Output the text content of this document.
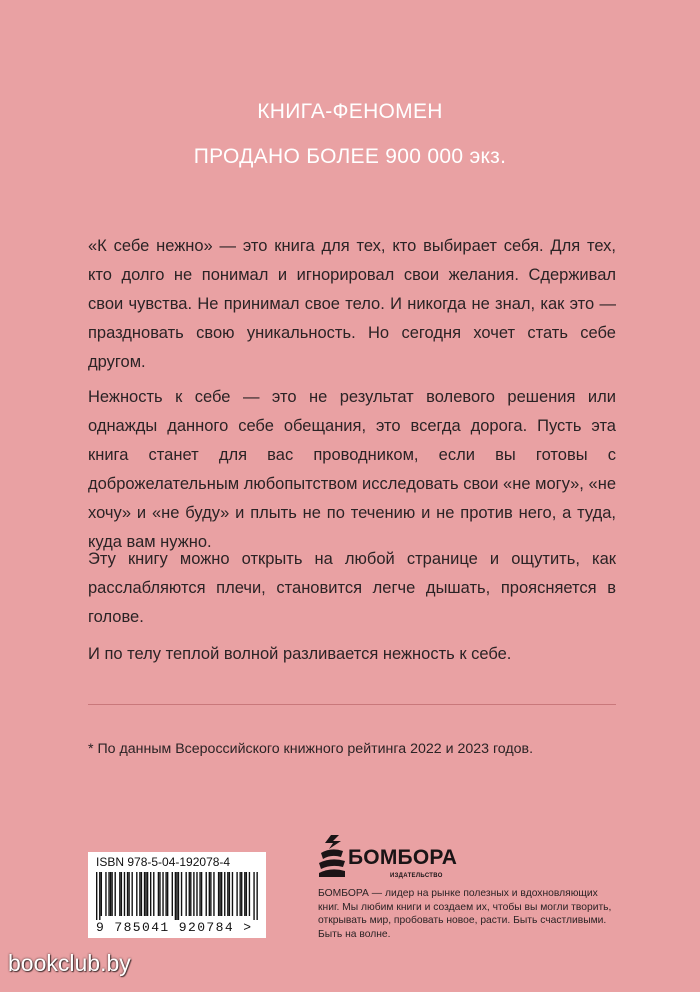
КНИГА-ФЕНОМЕН
ПРОДАНО БОЛЕЕ 900 000 экз.
«К себе нежно» — это книга для тех, кто выбирает себя. Для тех, кто долго не понимал и игнорировал свои желания. Сдерживал свои чувства. Не принимал свое тело. И никогда не знал, как это — праздновать свою уникальность. Но сегодня хочет стать себе другом.
Нежность к себе — это не результат волевого решения или однажды данного себе обещания, это всегда дорога. Пусть эта книга станет для вас проводником, если вы готовы с доброжелательным любопытством исследовать свои «не могу», «не хочу» и «не буду» и плыть не по течению и не против него, а туда, куда вам нужно.
Эту книгу можно открыть на любой странице и ощутить, как расслабляются плечи, становится легче дышать, проясняется в голове.
И по телу теплой волной разливается нежность к себе.
* По данным Всероссийского книжного рейтинга 2022 и 2023 годов.
ISBN 978-5-04-192078-4
9 785041 920784 >
БОМБОРА
ИЗДАТЕЛЬСТВО
БОМБОРА — лидер на рынке полезных и вдохновляющих книг. Мы любим книги и создаем их, чтобы вы могли творить, открывать мир, пробовать новое, расти. Быть счастливыми. Быть на волне.
bookclub.by
